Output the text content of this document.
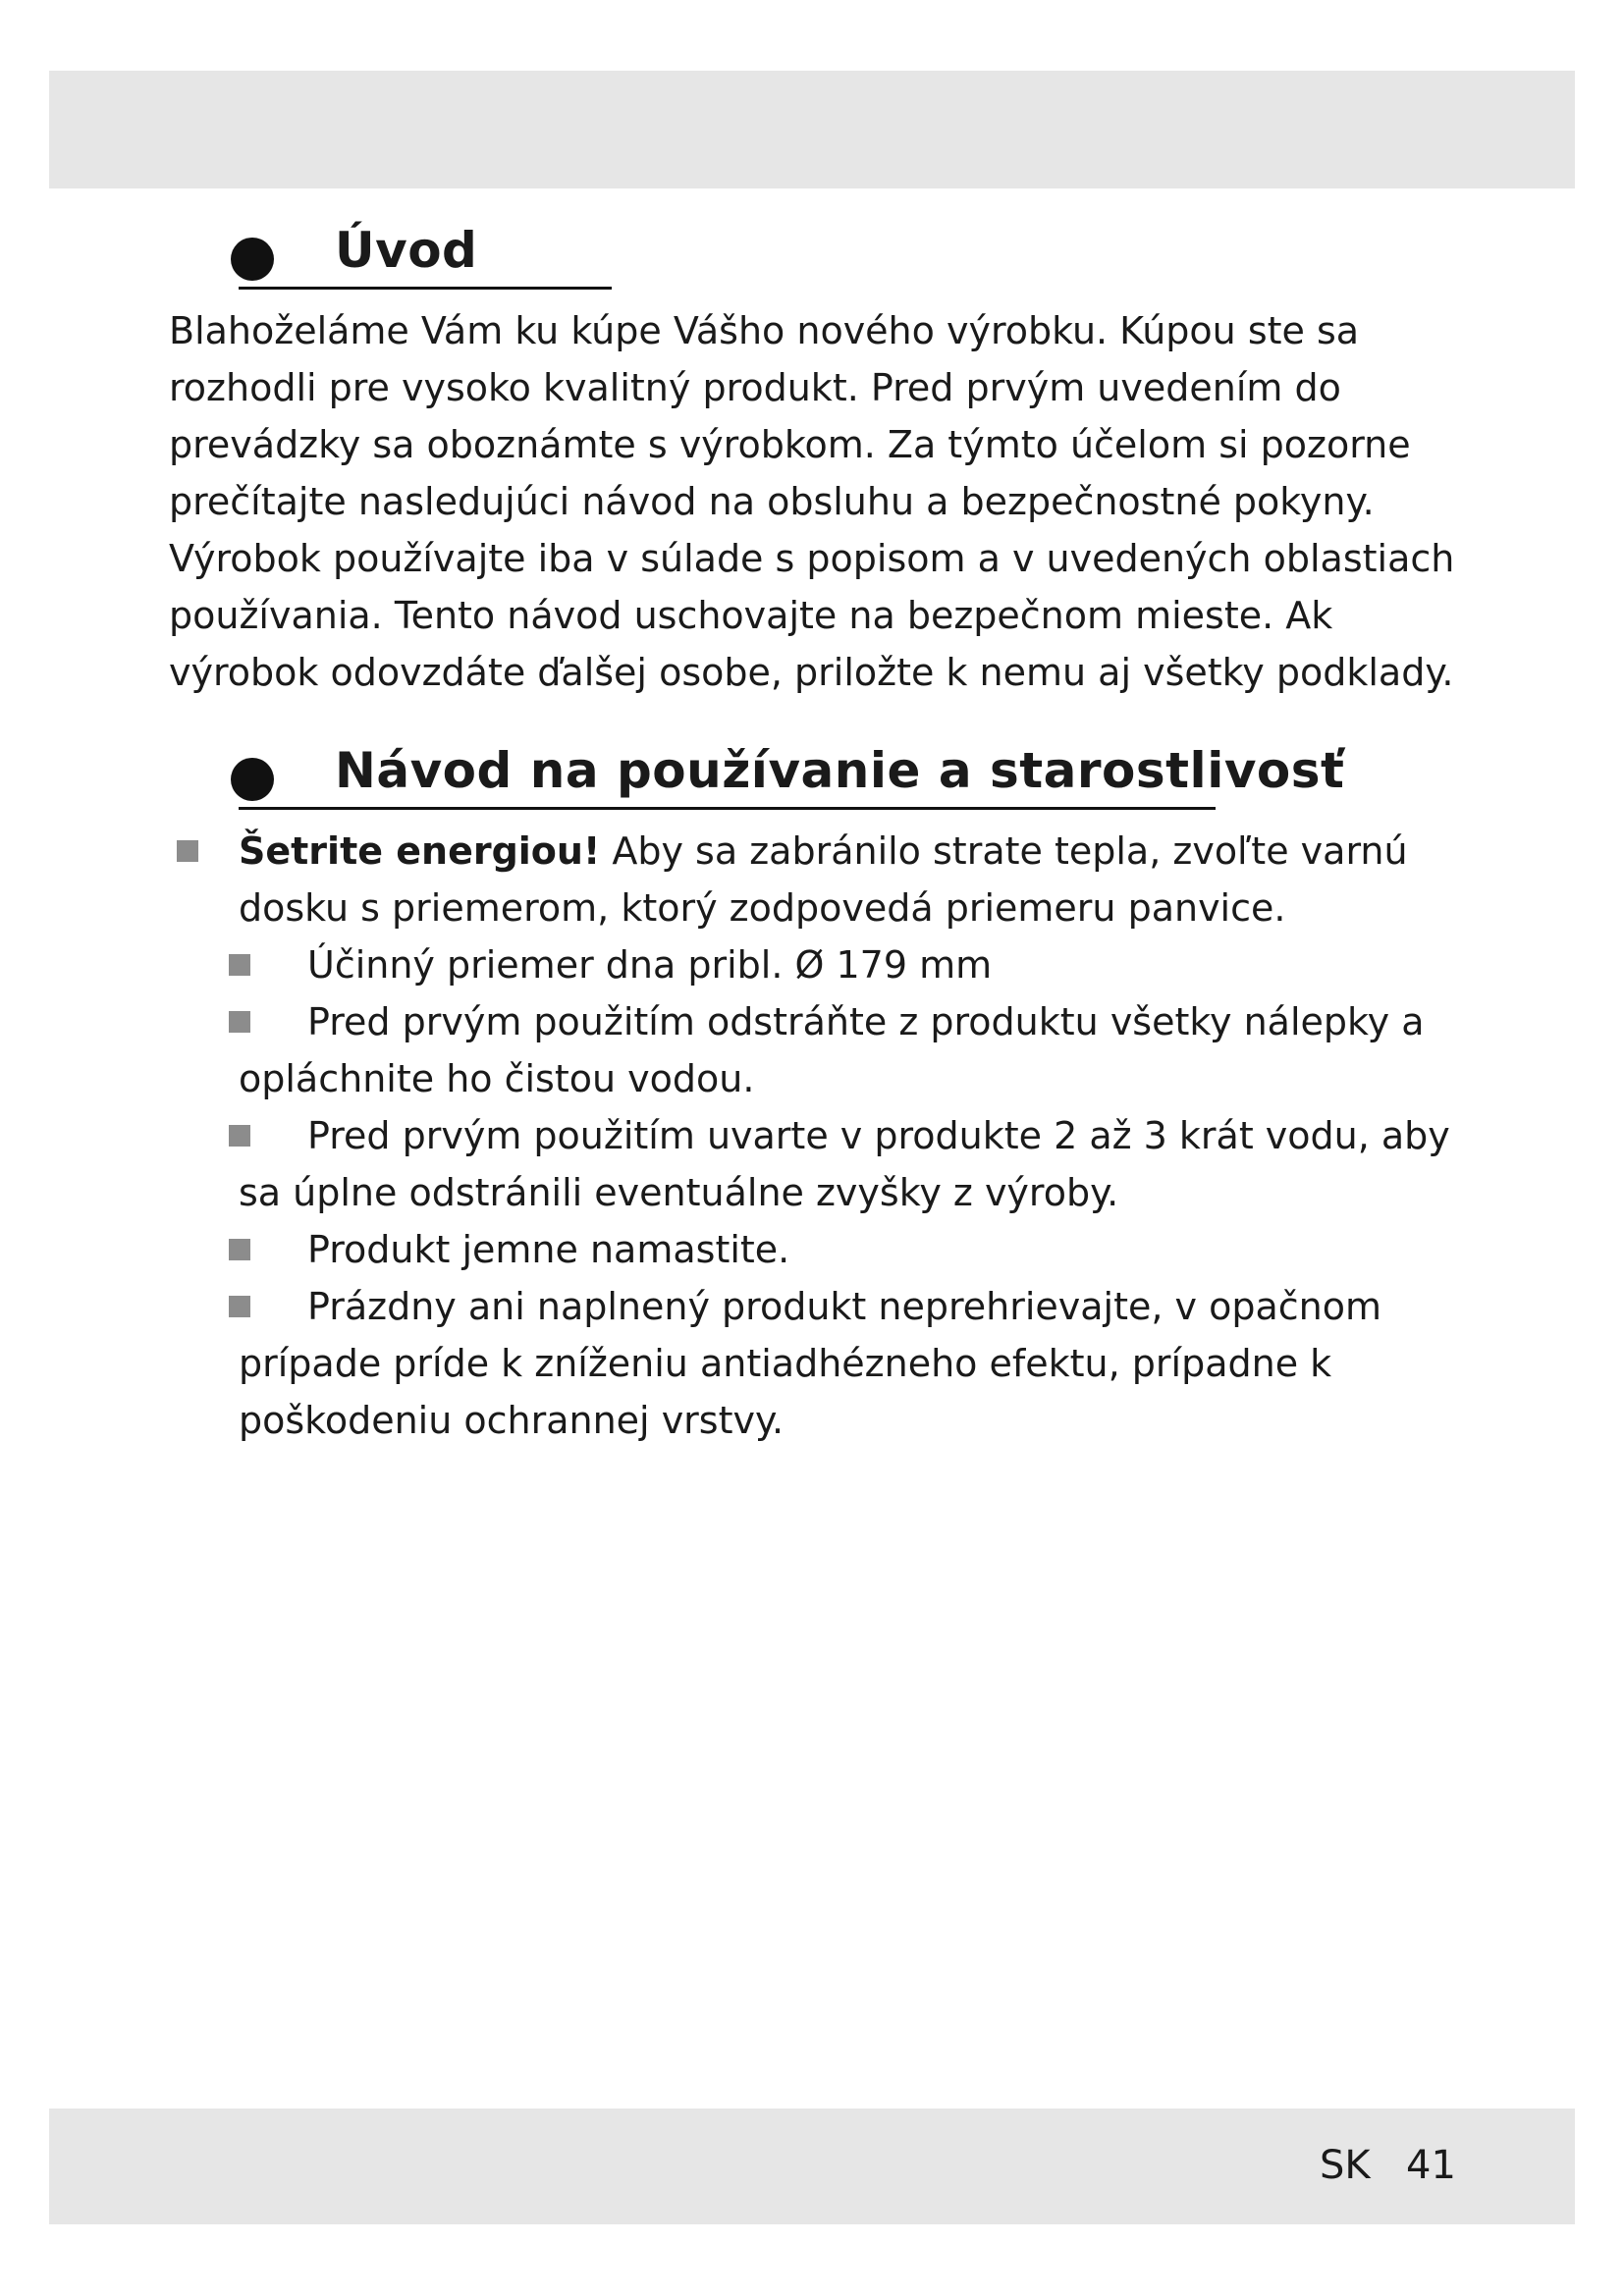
Úvod

Blahoželáme Vám ku kúpe Vášho nového výrobku. Kúpou ste sa rozhodli pre vysoko kvalitný produkt. Pred prvým uvedením do prevádzky sa oboznámte s výrobkom. Za týmto účelom si pozorne prečítajte nasledujúci návod na obsluhu a bezpečnostné pokyny. Výrobok používajte iba v súlade s popisom a v uvedených oblastiach používania. Tento návod uschovajte na bezpečnom mieste. Ak výrobok odovzdáte ďalšej osobe, priložte k nemu aj všetky podklady.

Návod na používanie a starostlivosť
Šetrite energiou! Aby sa zabránilo strate tepla, zvoľte varnú dosku s priemerom, ktorý zodpovedá priemeru panvice.
Účinný priemer dna pribl. Ø 179 mm
Pred prvým použitím odstráňte z produktu všetky nálepky a opláchnite ho čistou vodou.
Pred prvým použitím uvarte v produkte 2 až 3 krát vodu, aby sa úplne odstránili eventuálne zvyšky z výroby.
Produkt jemne namastite.
Prázdny ani naplnený produkt neprehrievajte, v opačnom prípade príde k zníženiu antiadhézneho efektu, prípadne k poškodeniu ochrannej vrstvy.
SK 41
